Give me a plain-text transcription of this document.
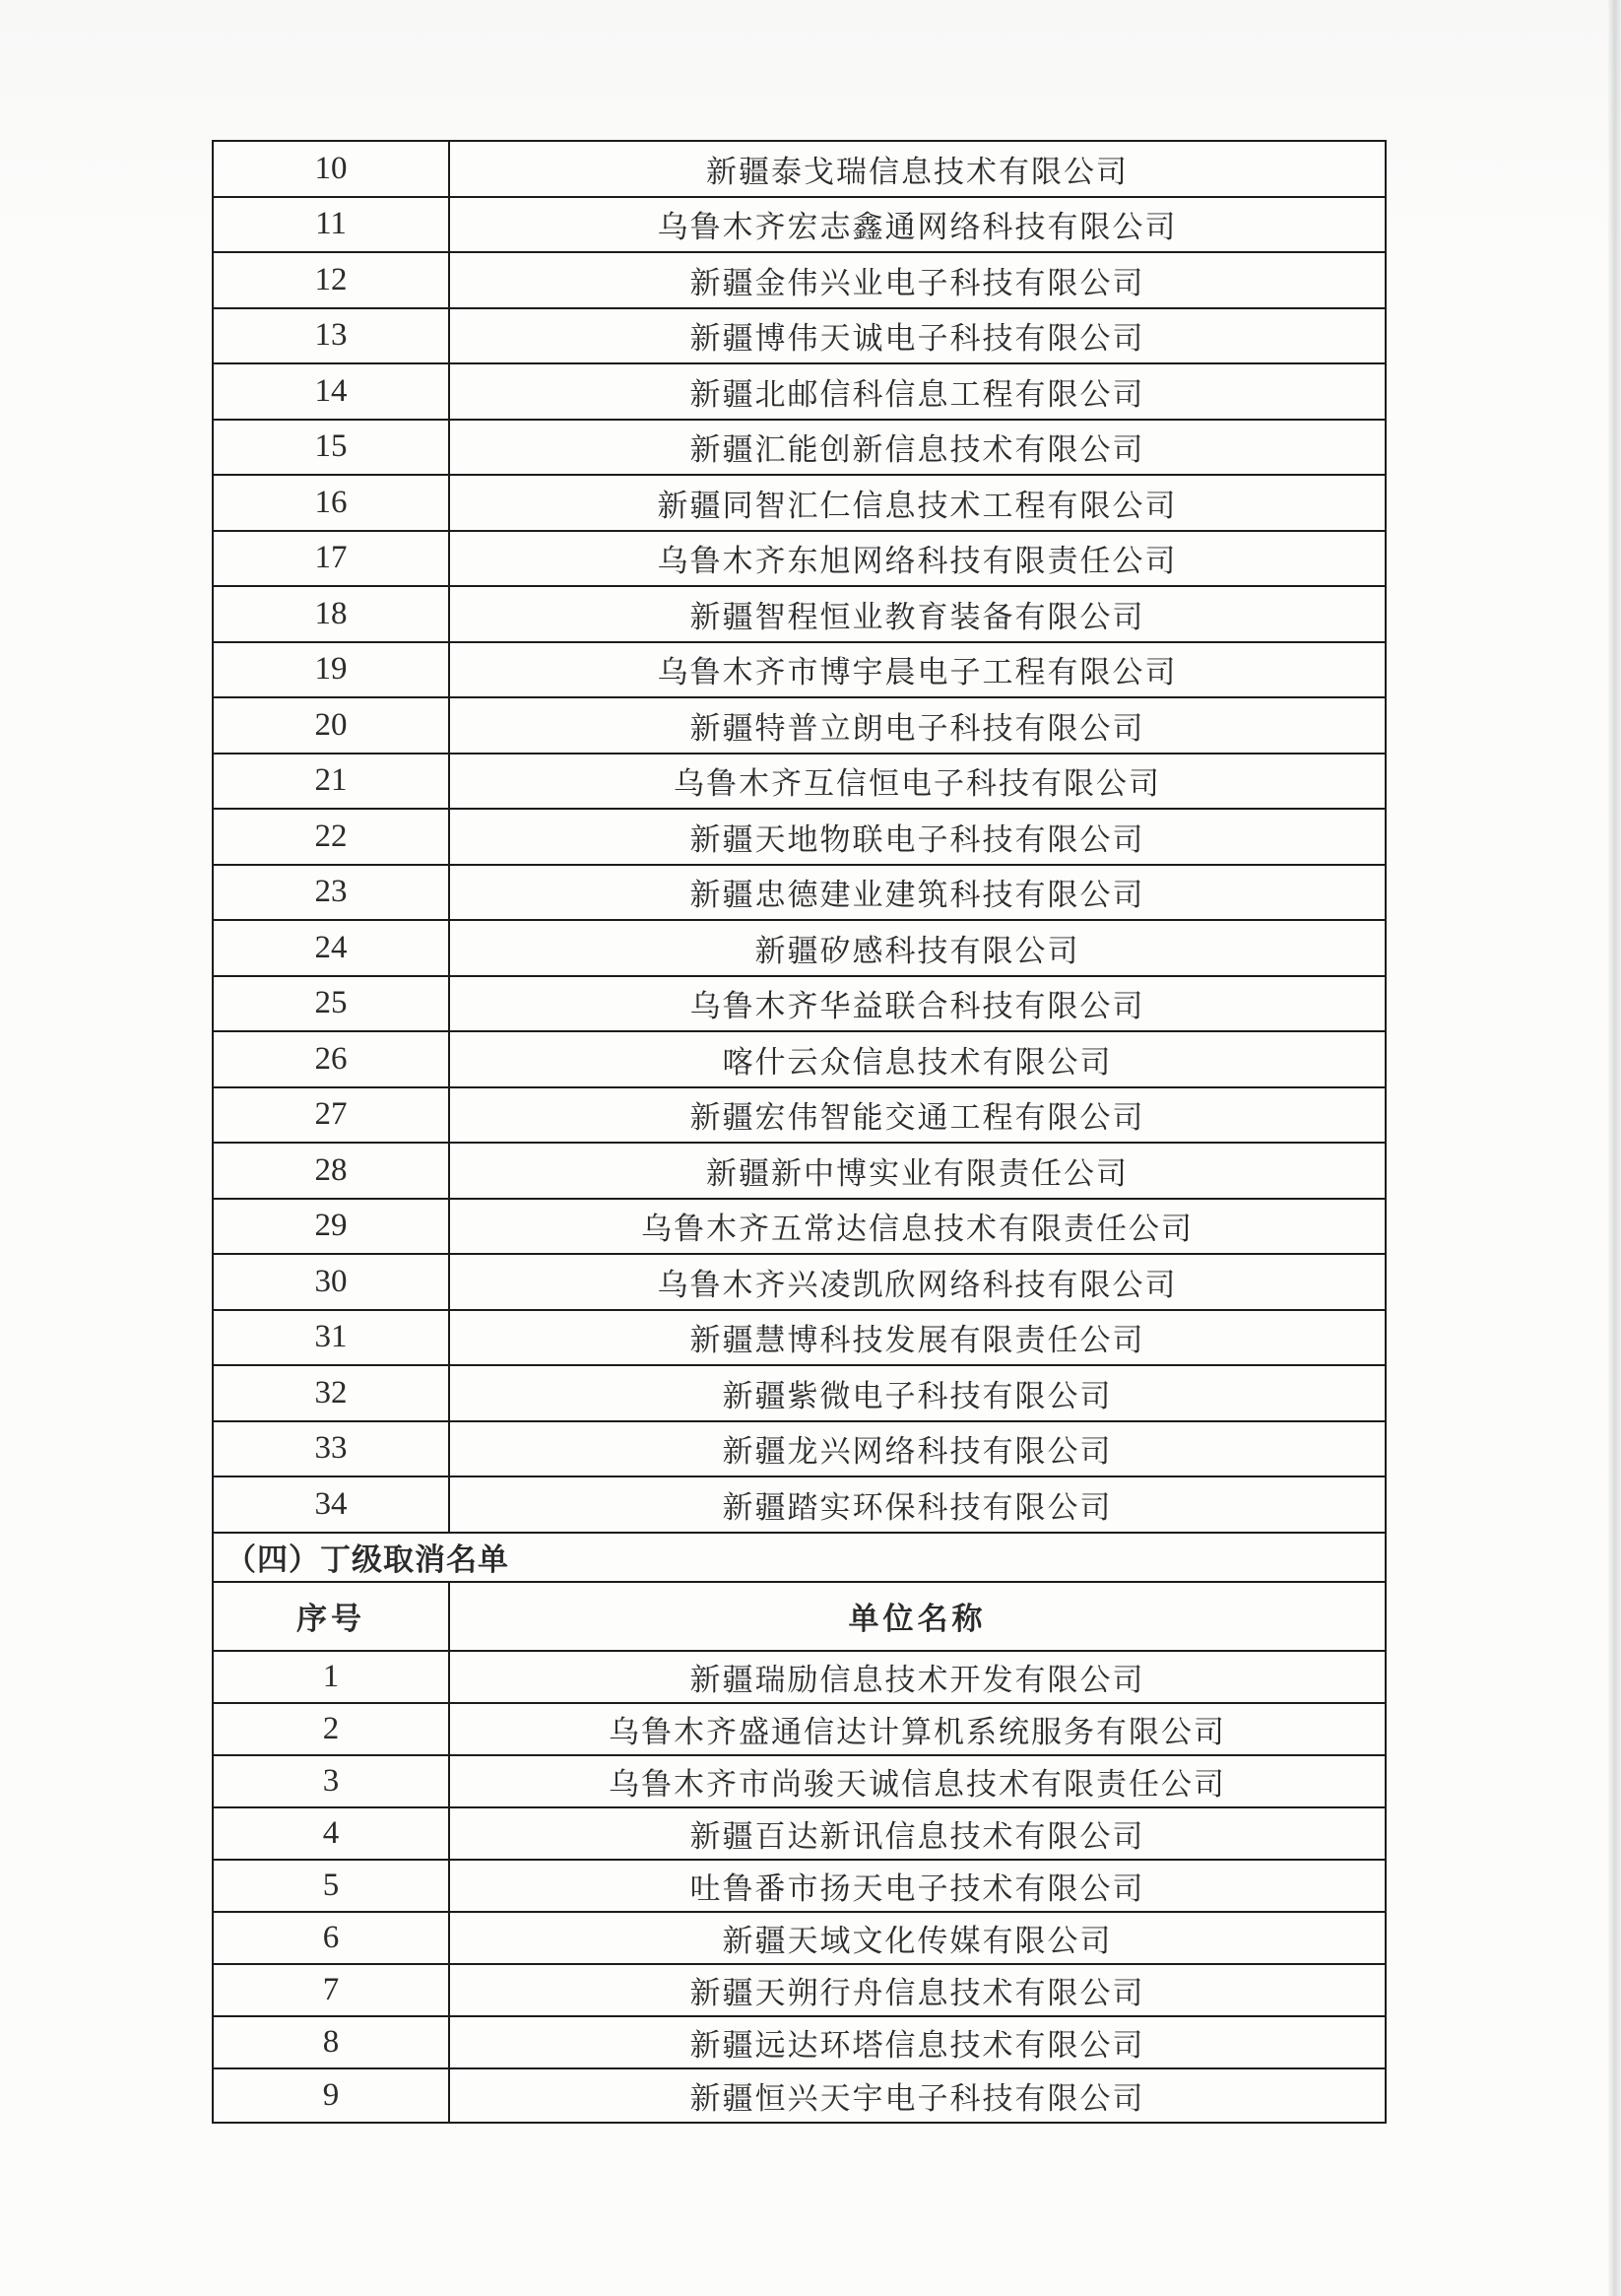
10	新疆泰戈瑞信息技术有限公司
11	乌鲁木齐宏志鑫通网络科技有限公司
12	新疆金伟兴业电子科技有限公司
13	新疆博伟天诚电子科技有限公司
14	新疆北邮信科信息工程有限公司
15	新疆汇能创新信息技术有限公司
16	新疆同智汇仁信息技术工程有限公司
17	乌鲁木齐东旭网络科技有限责任公司
18	新疆智程恒业教育装备有限公司
19	乌鲁木齐市博宇晨电子工程有限公司
20	新疆特普立朗电子科技有限公司
21	乌鲁木齐互信恒电子科技有限公司
22	新疆天地物联电子科技有限公司
23	新疆忠德建业建筑科技有限公司
24	新疆矽感科技有限公司
25	乌鲁木齐华益联合科技有限公司
26	喀什云众信息技术有限公司
27	新疆宏伟智能交通工程有限公司
28	新疆新中博实业有限责任公司
29	乌鲁木齐五常达信息技术有限责任公司
30	乌鲁木齐兴凌凯欣网络科技有限公司
31	新疆慧博科技发展有限责任公司
32	新疆紫微电子科技有限公司
33	新疆龙兴网络科技有限公司
34	新疆踏实环保科技有限公司
（四）丁级取消名单
序号	单位名称
1	新疆瑞励信息技术开发有限公司
2	乌鲁木齐盛通信达计算机系统服务有限公司
3	乌鲁木齐市尚骏天诚信息技术有限责任公司
4	新疆百达新讯信息技术有限公司
5	吐鲁番市扬天电子技术有限公司
6	新疆天域文化传媒有限公司
7	新疆天朔行舟信息技术有限公司
8	新疆远达环塔信息技术有限公司
9	新疆恒兴天宇电子科技有限公司
